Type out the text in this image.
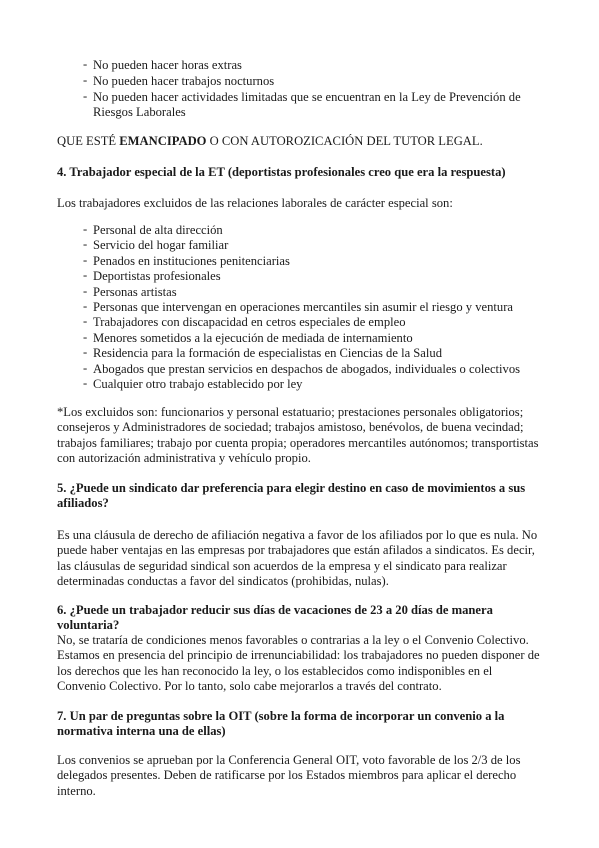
- No pueden hacer horas extras
- No pueden hacer trabajos nocturnos
- No pueden hacer actividades limitadas que se encuentran en la Ley de Prevención de Riesgos Laborales

QUE ESTÉ EMANCIPADO O CON AUTOROZICACIÓN DEL TUTOR LEGAL.

4. Trabajador especial de la ET (deportistas profesionales creo que era la respuesta)

Los trabajadores excluidos de las relaciones laborales de carácter especial son:

- Personal de alta dirección
- Servicio del hogar familiar
- Penados en instituciones penitenciarias
- Deportistas profesionales
- Personas artistas
- Personas que intervengan en operaciones mercantiles sin asumir el riesgo y ventura
- Trabajadores con discapacidad en cetros especiales de empleo
- Menores sometidos a la ejecución de mediada de internamiento
- Residencia para la formación de especialistas en Ciencias de la Salud
- Abogados que prestan servicios en despachos de abogados, individuales o colectivos
- Cualquier otro trabajo establecido por ley

*Los excluidos son: funcionarios y personal estatuario; prestaciones personales obligatorios; consejeros y Administradores de sociedad; trabajos amistoso, benévolos, de buena vecindad; trabajos familiares; trabajo por cuenta propia; operadores mercantiles autónomos; transportistas con autorización administrativa y vehículo propio.

5. ¿Puede un sindicato dar preferencia para elegir destino en caso de movimientos a sus afiliados?

Es una cláusula de derecho de afiliación negativa a favor de los afiliados por lo que es nula. No puede haber ventajas en las empresas por trabajadores que están afilados a sindicatos. Es decir, las cláusulas de seguridad sindical son acuerdos de la empresa y el sindicato para realizar determinadas conductas a favor del sindicatos (prohibidas, nulas).

6. ¿Puede un trabajador reducir sus días de vacaciones de 23 a 20 días de manera voluntaria?

No, se trataría de condiciones menos favorables o contrarias a la ley o el Convenio Colectivo. Estamos en presencia del principio de irrenunciabilidad: los trabajadores no pueden disponer de los derechos que les han reconocido la ley, o los establecidos como indisponibles en el Convenio Colectivo. Por lo tanto, solo cabe mejorarlos a través del contrato.

7. Un par de preguntas sobre la OIT (sobre la forma de incorporar un convenio a la normativa interna una de ellas)

Los convenios se aprueban por la Conferencia General OIT, voto favorable de los 2/3 de los delegados presentes. Deben de ratificarse por los Estados miembros para aplicar el derecho interno.
